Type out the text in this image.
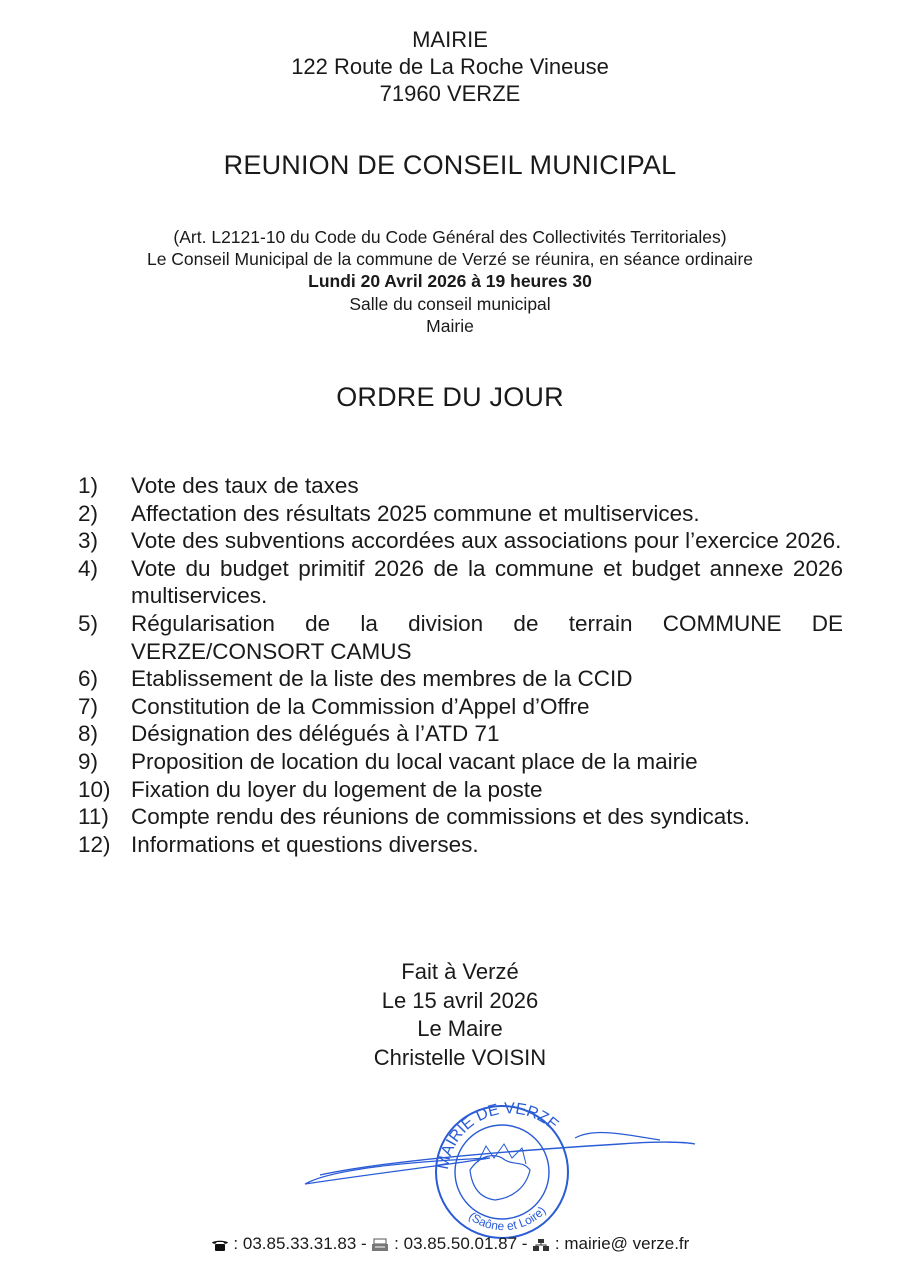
MAIRIE
122 Route de La Roche Vineuse
71960 VERZE
REUNION DE CONSEIL MUNICIPAL
(Art. L2121-10 du Code du Code Général des Collectivités Territoriales)
Le Conseil Municipal de la commune de Verzé se réunira, en séance ordinaire
Lundi 20 Avril 2026 à 19 heures 30
Salle du conseil municipal
Mairie
ORDRE DU JOUR
1)	Vote des taux de taxes
2)	Affectation des résultats 2025 commune et multiservices.
3)	Vote des subventions accordées aux associations pour l’exercice 2026.
4)	Vote du budget primitif 2026 de la commune et budget annexe 2026 multiservices.
5)	Régularisation de la division de terrain COMMUNE DE VERZE/CONSORT CAMUS
6)	Etablissement de la liste des membres de la CCID
7)	Constitution de la Commission d’Appel d’Offre
8)	Désignation des délégués à l’ATD 71
9)	Proposition de location du local vacant place de la mairie
10) Fixation du loyer du logement de la poste
11) Compte rendu des réunions de commissions et des syndicats.
12) Informations et questions diverses.
Fait à Verzé
Le 15 avril 2026
Le Maire
Christelle VOISIN
MAIRIE DE VERZE
(Saône et Loire)
: 03.85.33.31.83 - : 03.85.50.01.87 - : mairie@ verze.fr
